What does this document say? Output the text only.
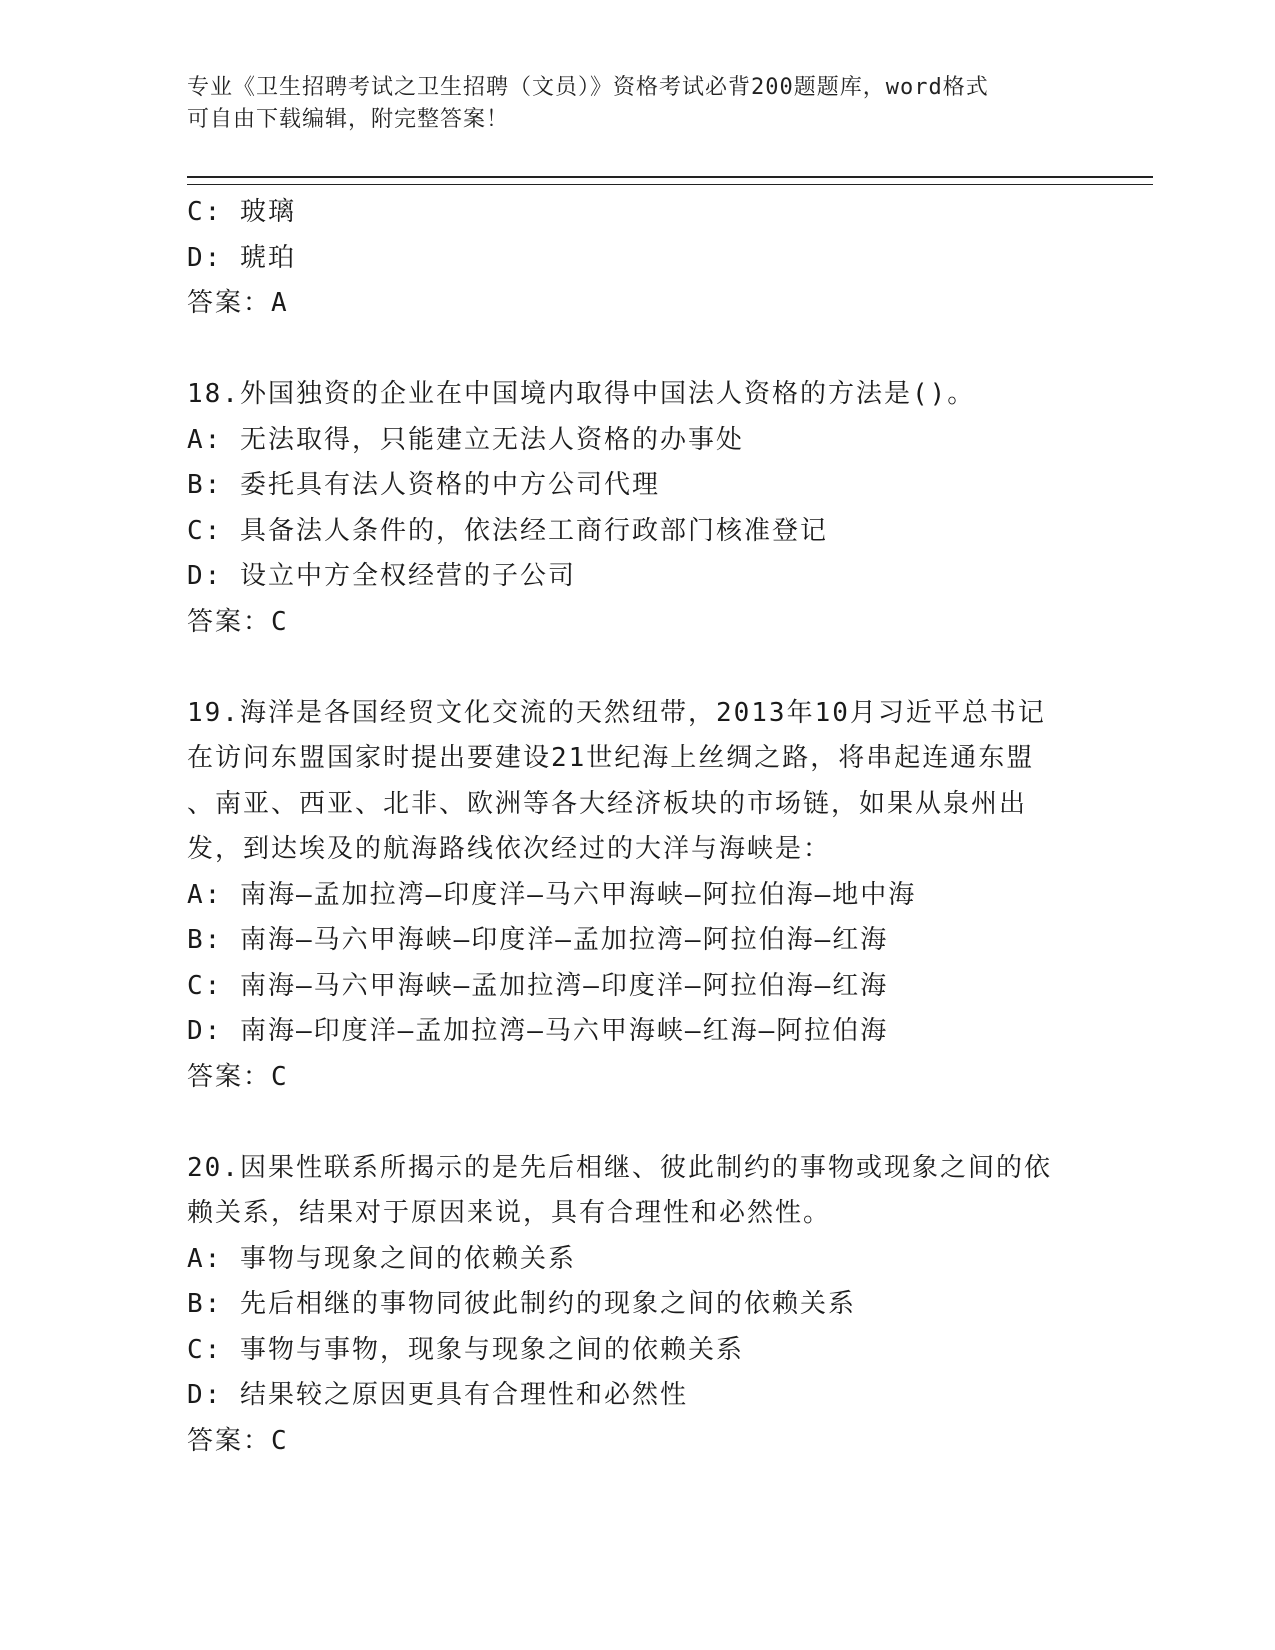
专业《卫生招聘考试之卫生招聘（文员）》资格考试必背200题题库，word格式
可自由下载编辑，附完整答案！
C: 玻璃
D: 琥珀
答案：A
18.外国独资的企业在中国境内取得中国法人资格的方法是()。
A: 无法取得，只能建立无法人资格的办事处
B: 委托具有法人资格的中方公司代理
C: 具备法人条件的，依法经工商行政部门核准登记
D: 设立中方全权经营的子公司
答案：C
19.海洋是各国经贸文化交流的天然纽带，2013年10月习近平总书记
在访问东盟国家时提出要建设21世纪海上丝绸之路，将串起连通东盟
、南亚、西亚、北非、欧洲等各大经济板块的市场链，如果从泉州出
发，到达埃及的航海路线依次经过的大洋与海峡是：
A: 南海—孟加拉湾—印度洋—马六甲海峡—阿拉伯海—地中海
B: 南海—马六甲海峡—印度洋—孟加拉湾—阿拉伯海—红海
C: 南海—马六甲海峡—孟加拉湾—印度洋—阿拉伯海—红海
D: 南海—印度洋—孟加拉湾—马六甲海峡—红海—阿拉伯海
答案：C
20.因果性联系所揭示的是先后相继、彼此制约的事物或现象之间的依
赖关系，结果对于原因来说，具有合理性和必然性。
A: 事物与现象之间的依赖关系
B: 先后相继的事物同彼此制约的现象之间的依赖关系
C: 事物与事物，现象与现象之间的依赖关系
D: 结果较之原因更具有合理性和必然性
答案：C
